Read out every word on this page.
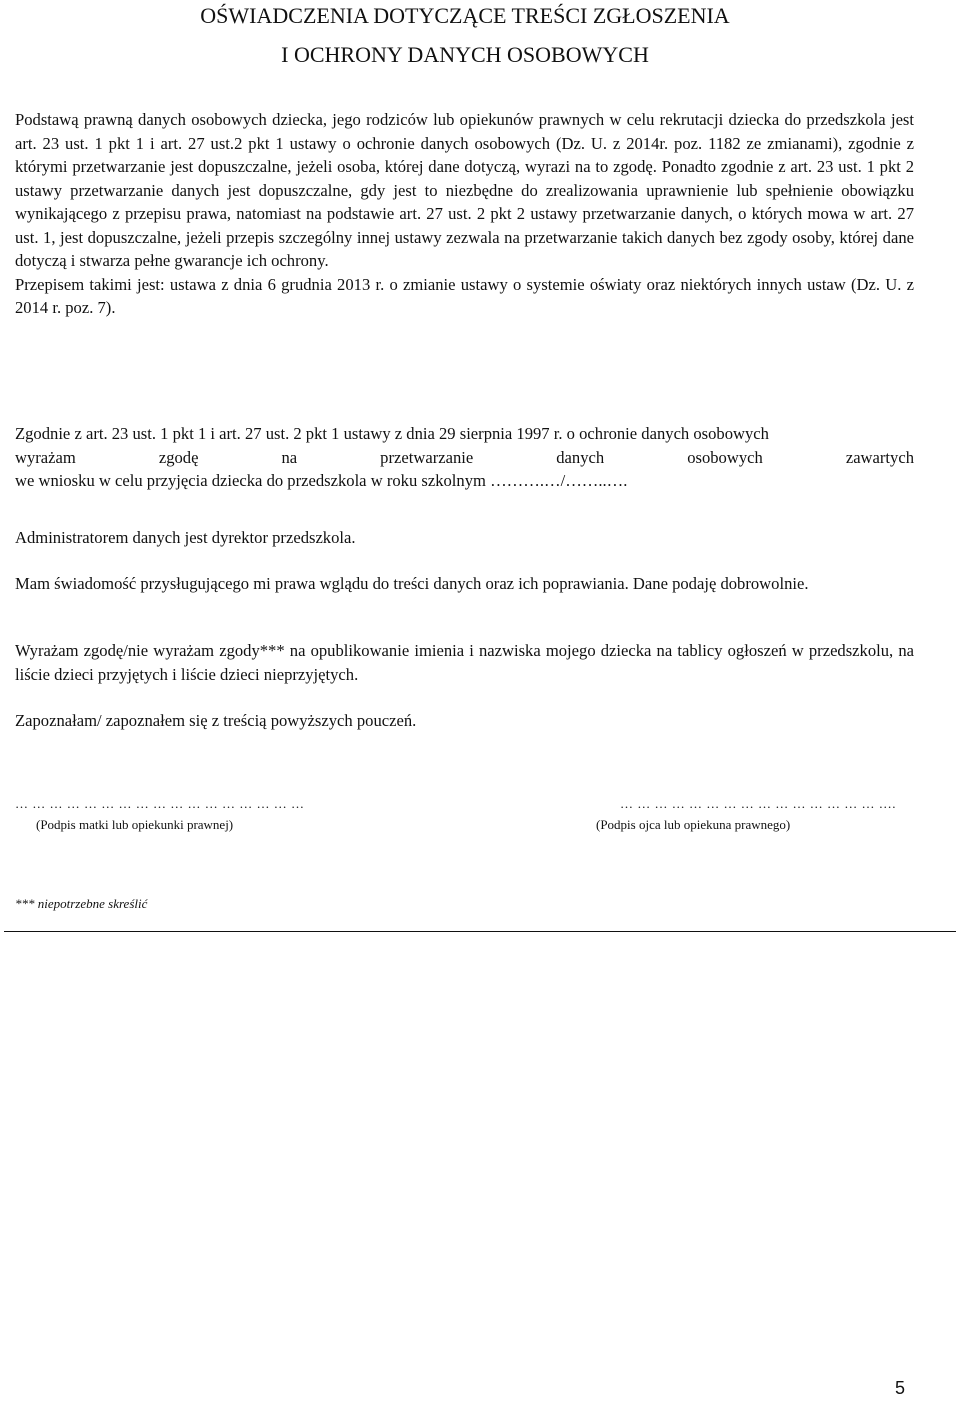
OŚWIADCZENIA DOTYCZĄCE TREŚCI ZGŁOSZENIA
I OCHRONY DANYCH OSOBOWYCH
Podstawą prawną danych osobowych dziecka, jego rodziców lub opiekunów prawnych w celu rekrutacji dziecka do przedszkola jest art. 23 ust. 1 pkt 1 i art. 27 ust.2 pkt 1 ustawy o ochronie danych osobowych (Dz. U. z 2014r. poz. 1182 ze zmianami), zgodnie z którymi przetwarzanie jest dopuszczalne, jeżeli osoba, której dane dotyczą, wyrazi na to zgodę. Ponadto zgodnie z art. 23 ust. 1 pkt 2 ustawy przetwarzanie danych jest dopuszczalne, gdy jest to niezbędne do zrealizowania uprawnienie lub spełnienie obowiązku wynikającego z przepisu prawa, natomiast na podstawie art. 27 ust. 2 pkt 2 ustawy przetwarzanie danych, o których mowa w art. 27 ust. 1, jest dopuszczalne, jeżeli przepis szczególny innej ustawy zezwala na przetwarzanie takich danych bez zgody osoby, której dane dotyczą i stwarza pełne gwarancje ich ochrony.
Przepisem takimi jest: ustawa z dnia 6 grudnia 2013 r. o zmianie ustawy o systemie oświaty oraz niektórych innych ustaw (Dz. U. z 2014 r. poz. 7).
Zgodnie z art. 23 ust. 1 pkt 1 i art. 27 ust. 2 pkt 1 ustawy z dnia 29 sierpnia 1997 r. o ochronie danych osobowych
wyrażam zgodę na przetwarzanie danych osobowych zawartych
we wniosku w celu przyjęcia dziecka do przedszkola w roku szkolnym ……….…/……..….
Administratorem danych jest dyrektor przedszkola.
Mam świadomość przysługującego mi prawa wglądu do treści danych oraz ich poprawiania. Dane podaję dobrowolnie.
Wyrażam zgodę/nie wyrażam zgody*** na opublikowanie imienia i nazwiska mojego dziecka na tablicy ogłoszeń w przedszkolu, na liście dzieci przyjętych i liście dzieci nieprzyjętych.
Zapoznałam/ zapoznałem się z treścią powyższych pouczeń.
… … … … … … … … … … … … … … … … …	… … … … … … … … … … … … … … … ….
(Podpis matki lub opiekunki prawnej)	(Podpis ojca lub opiekuna prawnego)
*** niepotrzebne skreślić
5
